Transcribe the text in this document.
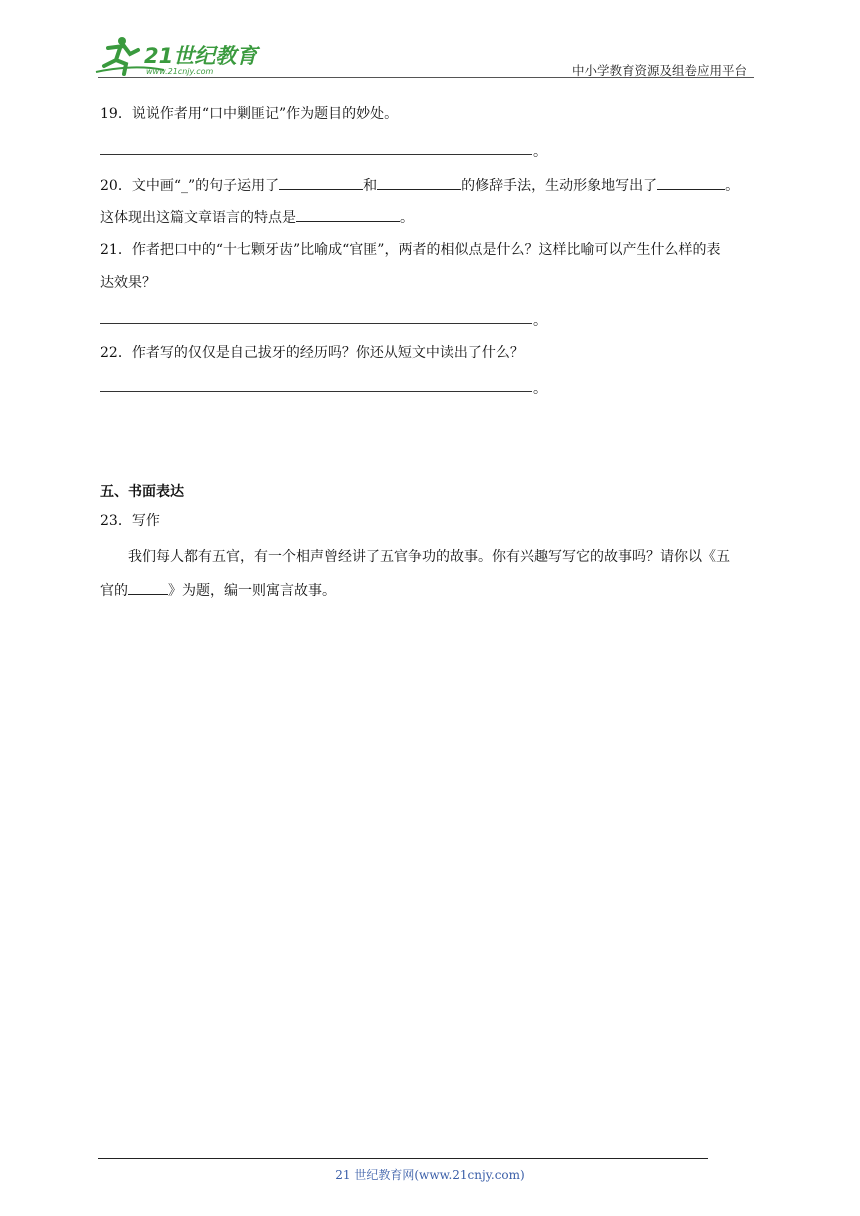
21世纪教育
www.21cnjy.com	中小学教育资源及组卷应用平台
19．说说作者用“口中剿匪记”作为题目的妙处。
。
20．文中画“_”的句子运用了	和	的修辞手法，生动形象地写出了	。
这体现出这篇文章语言的特点是	。
21．作者把口中的“十七颗牙齿”比喻成“官匪”，两者的相似点是什么？这样比喻可以产生什么样的表
达效果？
。
22．作者写的仅仅是自己拔牙的经历吗？你还从短文中读出了什么？
。
五、书面表达
23．写作
我们每人都有五官，有一个相声曾经讲了五官争功的故事。你有兴趣写写它的故事吗？请你以《五
官的	》为题，编一则寓言故事。
21 世纪教育网(www.21cnjy.com)
